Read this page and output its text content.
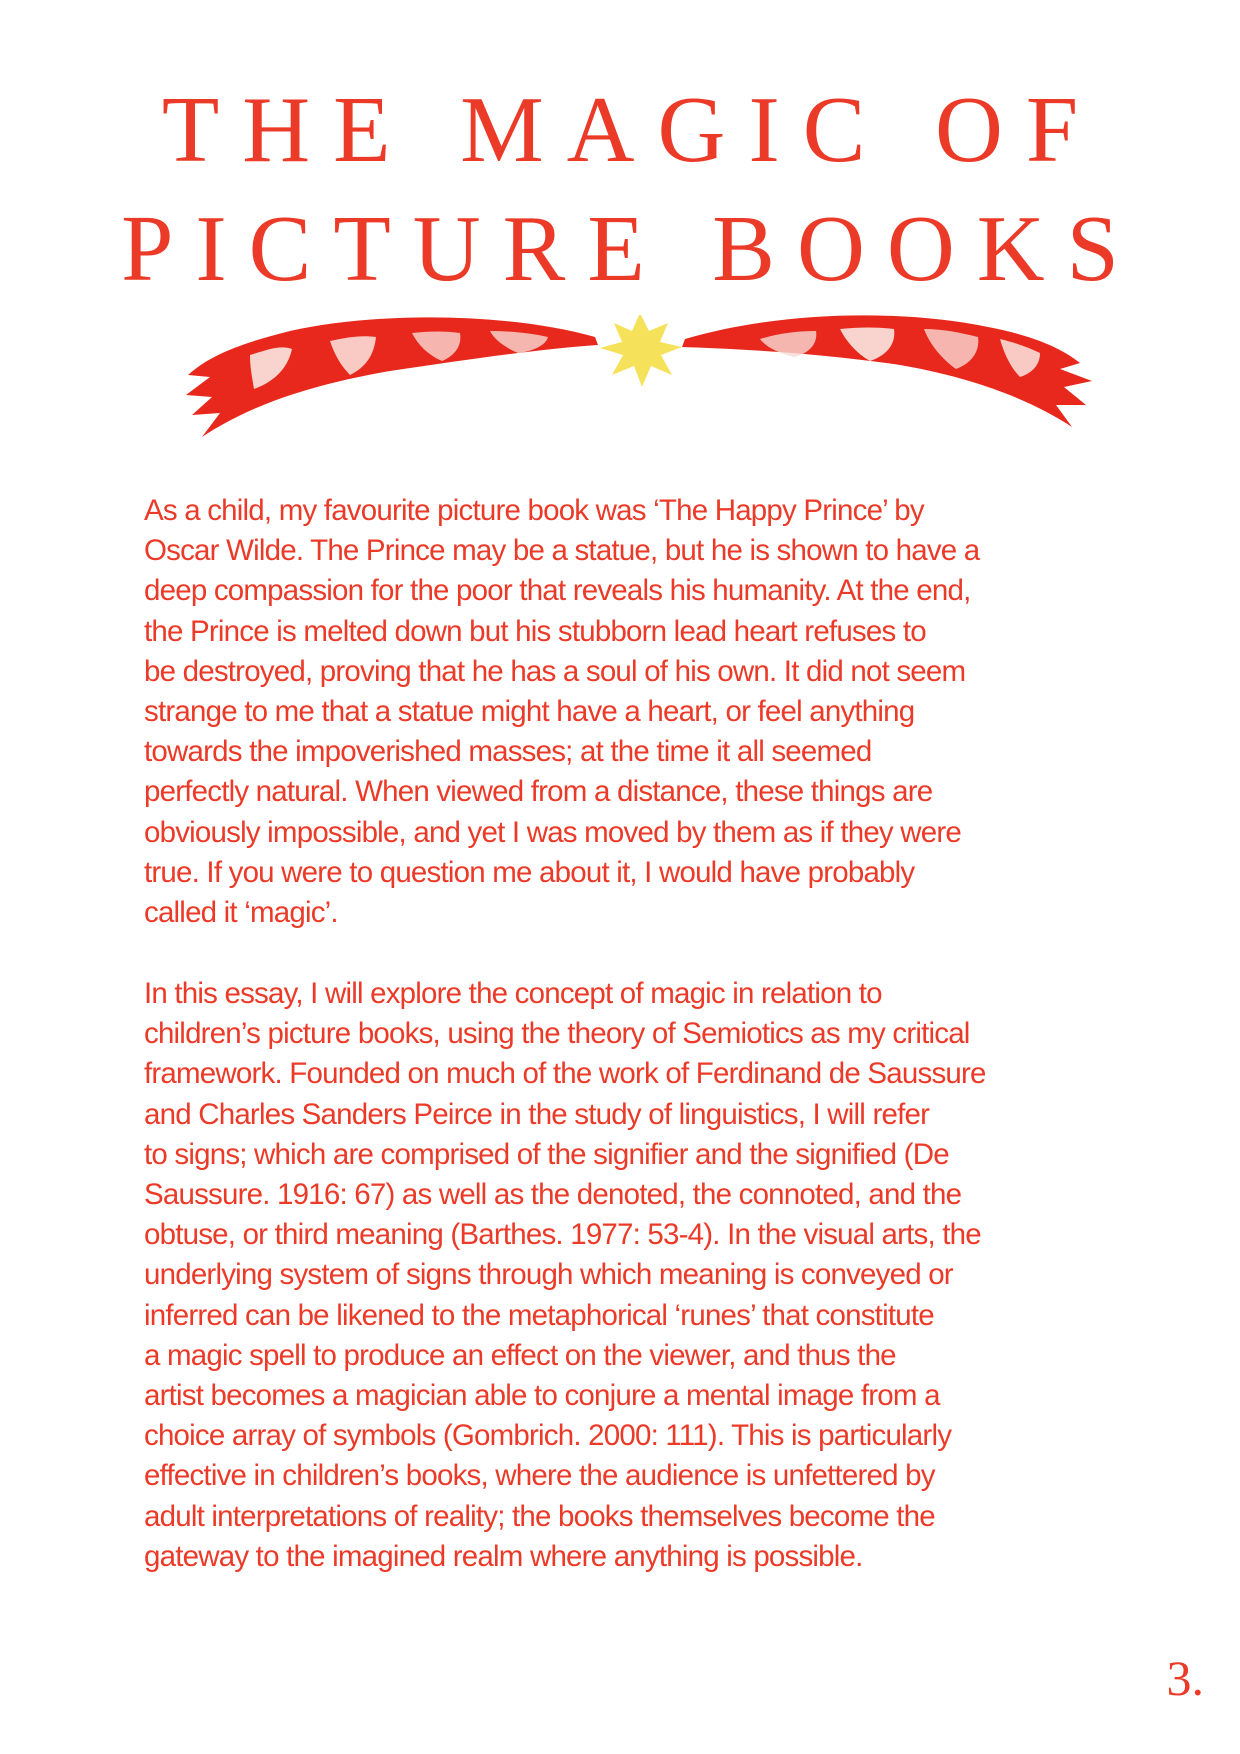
THE MAGIC OF
PICTURE BOOKS
As a child, my favourite picture book was ‘The Happy Prince’ by
Oscar Wilde. The Prince may be a statue, but he is shown to have a
deep compassion for the poor that reveals his humanity. At the end,
the Prince is melted down but his stubborn lead heart refuses to
be destroyed, proving that he has a soul of his own. It did not seem
strange to me that a statue might have a heart, or feel anything
towards the impoverished masses; at the time it all seemed
perfectly natural. When viewed from a distance, these things are
obviously impossible, and yet I was moved by them as if they were
true. If you were to question me about it, I would have probably
called it ‘magic’.
In this essay, I will explore the concept of magic in relation to
children’s picture books, using the theory of Semiotics as my critical
framework. Founded on much of the work of Ferdinand de Saussure
and Charles Sanders Peirce in the study of linguistics, I will refer
to signs; which are comprised of the signifier and the signified (De
Saussure. 1916: 67) as well as the denoted, the connoted, and the
obtuse, or third meaning (Barthes. 1977: 53-4). In the visual arts, the
underlying system of signs through which meaning is conveyed or
inferred can be likened to the metaphorical ‘runes’ that constitute
a magic spell to produce an effect on the viewer, and thus the
artist becomes a magician able to conjure a mental image from a
choice array of symbols (Gombrich. 2000: 111). This is particularly
effective in children’s books, where the audience is unfettered by
adult interpretations of reality; the books themselves become the
gateway to the imagined realm where anything is possible.
3.
